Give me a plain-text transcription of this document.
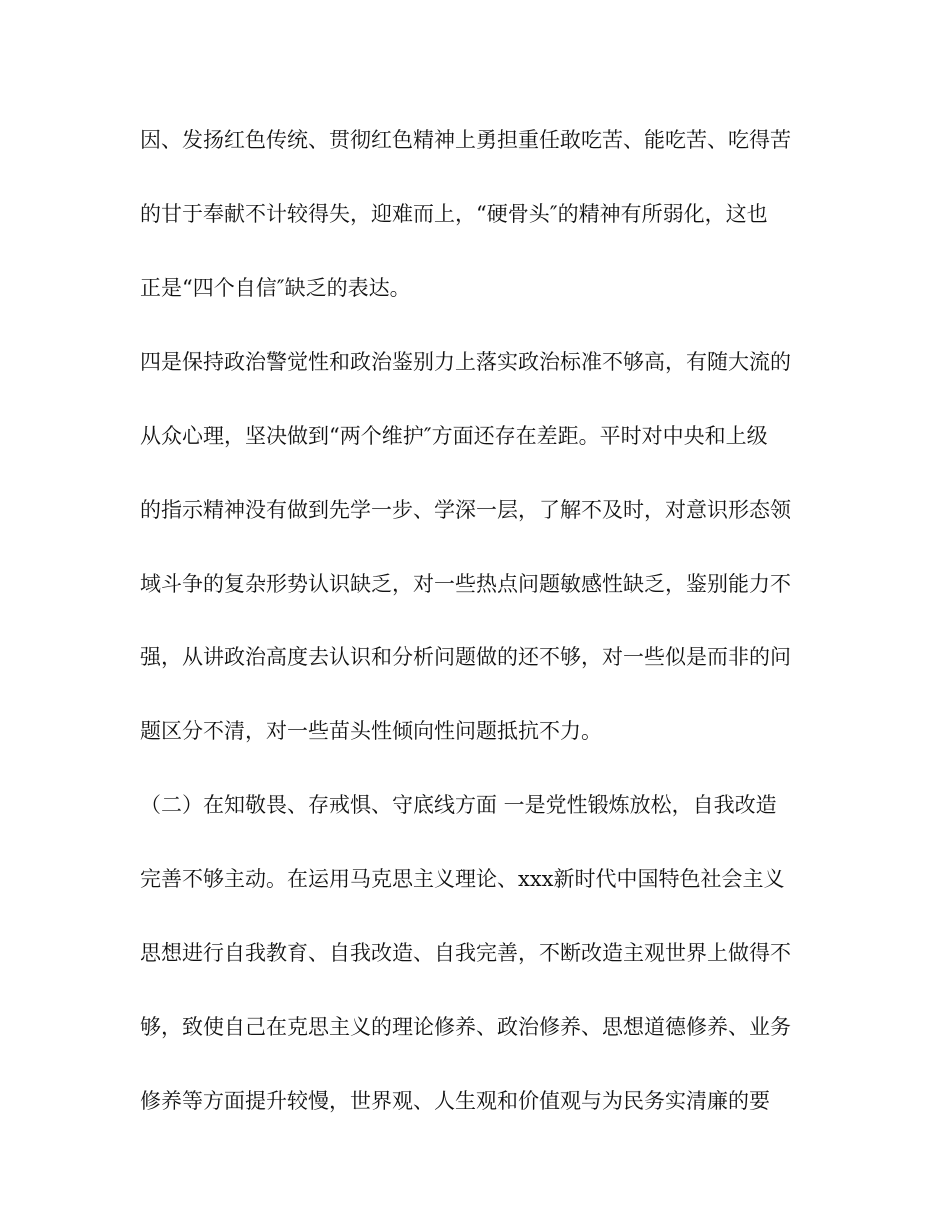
因、发扬红色传统、贯彻红色精神上勇担重任敢吃苦、能吃苦、吃得苦
的甘于奉献不计较得失，迎难而上，“硬骨头″的精神有所弱化，这也
正是“四个自信″缺乏的表达。
四是保持政治警觉性和政治鉴别力上落实政治标准不够高，有随大流的
从众心理，坚决做到“两个维护″方面还存在差距。平时对中央和上级
的指示精神没有做到先学一步、学深一层，了解不及时，对意识形态领
域斗争的复杂形势认识缺乏，对一些热点问题敏感性缺乏，鉴别能力不
强，从讲政治高度去认识和分析问题做的还不够，对一些似是而非的问
题区分不清，对一些苗头性倾向性问题抵抗不力。
（二）在知敬畏、存戒惧、守底线方面 一是党性锻炼放松，自我改造
完善不够主动。在运用马克思主义理论、xxx新时代中国特色社会主义
思想进行自我教育、自我改造、自我完善，不断改造主观世界上做得不
够，致使自己在克思主义的理论修养、政治修养、思想道德修养、业务
修养等方面提升较慢，世界观、人生观和价值观与为民务实清廉的要
